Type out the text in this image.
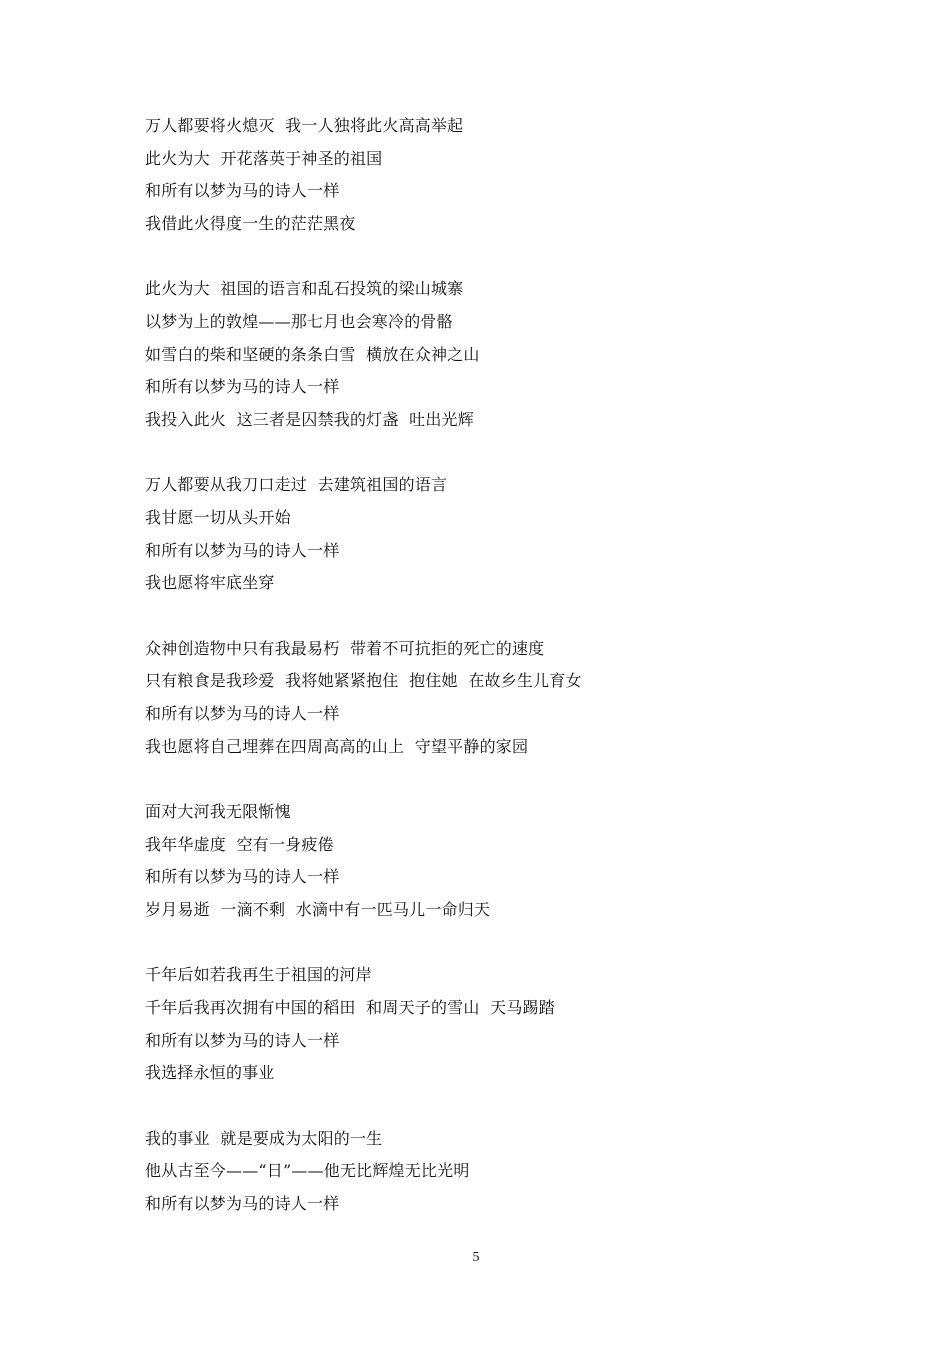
万人都要将火熄灭  我一人独将此火高高举起
此火为大  开花落英于神圣的祖国
和所有以梦为马的诗人一样
我借此火得度一生的茫茫黑夜
此火为大  祖国的语言和乱石投筑的梁山城寨
以梦为上的敦煌——那七月也会寒冷的骨骼
如雪白的柴和坚硬的条条白雪  横放在众神之山
和所有以梦为马的诗人一样
我投入此火  这三者是囚禁我的灯盏  吐出光辉
万人都要从我刀口走过  去建筑祖国的语言
我甘愿一切从头开始
和所有以梦为马的诗人一样
我也愿将牢底坐穿
众神创造物中只有我最易朽  带着不可抗拒的死亡的速度
只有粮食是我珍爱  我将她紧紧抱住  抱住她  在故乡生儿育女
和所有以梦为马的诗人一样
我也愿将自己埋葬在四周高高的山上  守望平静的家园
面对大河我无限惭愧
我年华虚度  空有一身疲倦
和所有以梦为马的诗人一样
岁月易逝  一滴不剩  水滴中有一匹马儿一命归天
千年后如若我再生于祖国的河岸
千年后我再次拥有中国的稻田  和周天子的雪山  天马踢踏
和所有以梦为马的诗人一样
我选择永恒的事业
我的事业  就是要成为太阳的一生
他从古至今——“日”——他无比辉煌无比光明
和所有以梦为马的诗人一样
5
